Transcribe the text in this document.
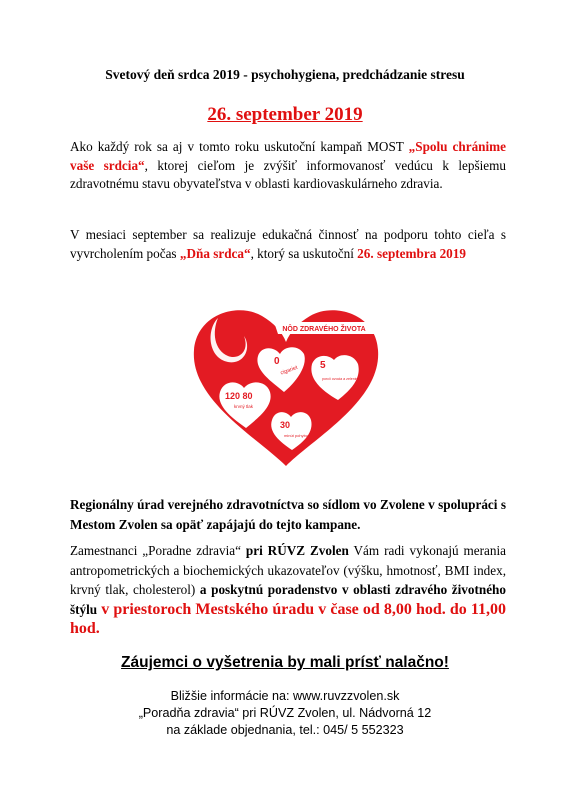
Svetový deň srdca 2019 - psychohygiena, predchádzanie stresu
26. september 2019
Ako každý rok sa aj v tomto roku uskutoční kampaň MOST „Spolu chránime vaše srdcia“, ktorej cieľom je zvýšiť informovanosť vedúcu k lepšiemu zdravotnému stavu obyvateľstva v oblasti kardiovaskulárneho zdravia.
V mesiaci september sa realizuje edukačná činnosť na podporu tohto cieľa s vyvrcholením počas „Dňa srdca“, ktorý sa uskutoční 26. septembra 2019
NÔD ZDRAVÉHO ŽIVOTA
0
cigariet 5
porcií ovocia a zeleniny
120 80
krvný tlak
30
minút pohybu
Regionálny úrad verejného zdravotníctva so sídlom vo Zvolene v spolupráci s Mestom Zvolen sa opäť zapájajú do tejto kampane.
Zamestnanci „Poradne zdravia“ pri RÚVZ Zvolen Vám radi vykonajú merania antropometrických a biochemických ukazovateľov (výšku, hmotnosť, BMI index, krvný tlak, cholesterol) a poskytnú poradenstvo v oblasti zdravého životného štýlu v priestoroch Mestského úradu v čase od 8,00 hod. do 11,00 hod.
Záujemci o vyšetrenia by mali prísť nalačno!
Bližšie informácie na: www.ruvzzvolen.sk
„Poradňa zdravia“ pri RÚVZ Zvolen, ul. Nádvorná 12
na základe objednania, tel.: 045/ 5 552323
